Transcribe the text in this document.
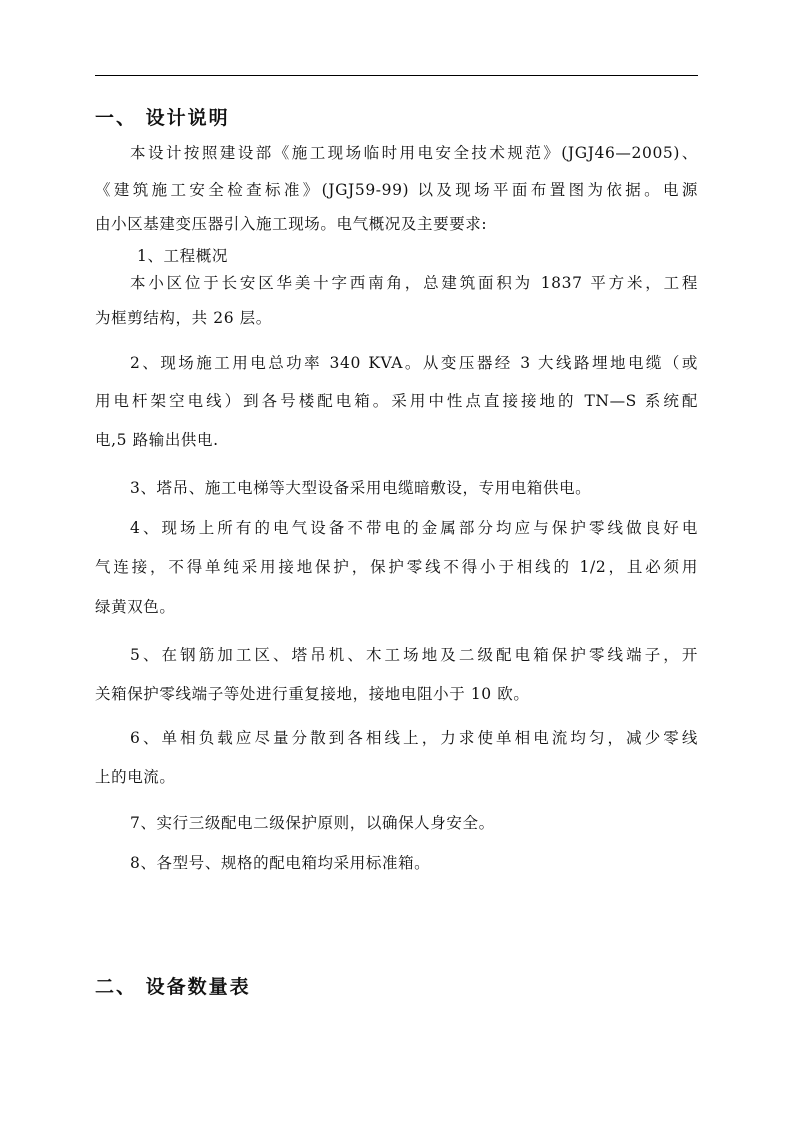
一、 设计说明
本设计按照建设部《施工现场临时用电安全技术规范》(JGJ46—2005)、
《建筑施工安全检查标准》(JGJ59-99) 以及现场平面布置图为依据。电源
由小区基建变压器引入施工现场。电气概况及主要要求:
1、工程概况
本小区位于长安区华美十字西南角，总建筑面积为 1837 平方米，工程
为框剪结构，共 26 层。
2、现场施工用电总功率 340 KVA。从变压器经 3 大线路埋地电缆（或
用电杆架空电线）到各号楼配电箱。采用中性点直接接地的 TN—S 系统配
电,5 路输出供电.
3、塔吊、施工电梯等大型设备采用电缆暗敷设，专用电箱供电。
4、现场上所有的电气设备不带电的金属部分均应与保护零线做良好电
气连接，不得单纯采用接地保护，保护零线不得小于相线的 1/2，且必须用
绿黄双色。
5、在钢筋加工区、塔吊机、木工场地及二级配电箱保护零线端子，开
关箱保护零线端子等处进行重复接地，接地电阻小于 10 欧。
6、单相负载应尽量分散到各相线上，力求使单相电流均匀，减少零线
上的电流。
7、实行三级配电二级保护原则，以确保人身安全。
8、各型号、规格的配电箱均采用标准箱。
二、 设备数量表
